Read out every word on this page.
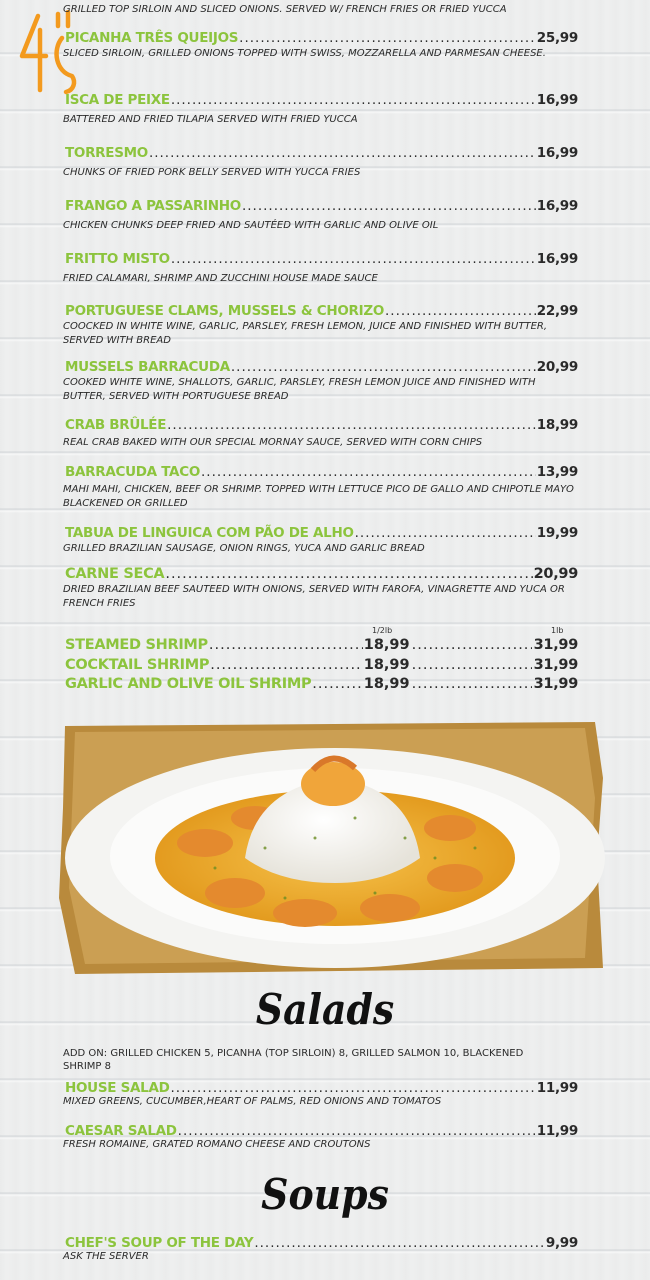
GRILLED TOP SIRLOIN AND SLICED ONIONS. SERVED W/ FRENCH FRIES OR FRIED YUCCA
PICANHA TRÊS QUEIJOS .....	25,99
SLICED SIRLOIN, GRILLED ONIONS TOPPED WITH SWISS, MOZZARELLA AND PARMESAN CHEESE.
ISCA DE PEIXE .....	16,99
BATTERED AND FRIED TILAPIA SERVED WITH FRIED YUCCA
TORRESMO .....	16,99
CHUNKS OF FRIED PORK BELLY SERVED WITH YUCCA FRIES
FRANGO A PASSARINHO .....	16,99
CHICKEN CHUNKS DEEP FRIED AND SAUTÉED WITH GARLIC AND OLIVE OIL
FRITTO MISTO .....	16,99
FRIED CALAMARI, SHRIMP AND ZUCCHINI HOUSE MADE SAUCE
PORTUGUESE CLAMS, MUSSELS & CHORIZO .....	22,99
COOCKED IN WHITE WINE, GARLIC, PARSLEY, FRESH LEMON, JUICE AND FINISHED WITH BUTTER, SERVED WITH BREAD
MUSSELS BARRACUDA .....	20,99
COOKED WHITE WINE, SHALLOTS, GARLIC, PARSLEY, FRESH LEMON JUICE AND FINISHED WITH BUTTER, SERVED WITH PORTUGUESE BREAD
CRAB BRÛLÉE .....	18,99
REAL CRAB BAKED WITH OUR SPECIAL MORNAY SAUCE, SERVED WITH CORN CHIPS
BARRACUDA TACO .....	13,99
MAHI MAHI, CHICKEN, BEEF OR SHRIMP. TOPPED WITH LETTUCE PICO DE GALLO AND CHIPOTLE MAYO BLACKENED OR GRILLED
TABUA DE LINGUICA COM PÃO DE ALHO .....	19,99
GRILLED BRAZILIAN SAUSAGE, ONION RINGS, YUCA AND GARLIC BREAD
CARNE SECA .....	20,99
DRIED BRAZILIAN BEEF SAUTEED WITH ONIONS, SERVED WITH FAROFA, VINAGRETTE AND YUCA OR FRENCH FRIES
1/2lb	1lb
STEAMED SHRIMP .....	18,99 .....	31,99
COCKTAIL SHRIMP .....	18,99 .....	31,99
GARLIC AND OLIVE OIL SHRIMP .....	18,99 .....	31,99
Salads
ADD ON: GRILLED CHICKEN 5, PICANHA (TOP SIRLOIN) 8, GRILLED SALMON 10, BLACKENED SHRIMP 8
HOUSE SALAD .....	11,99
MIXED GREENS, CUCUMBER,HEART OF PALMS, RED ONIONS AND TOMATOS
CAESAR SALAD .....	11,99
FRESH ROMAINE, GRATED ROMANO CHEESE AND CROUTONS
Soups
CHEF'S SOUP OF THE DAY .....	9,99
ASK THE SERVER
